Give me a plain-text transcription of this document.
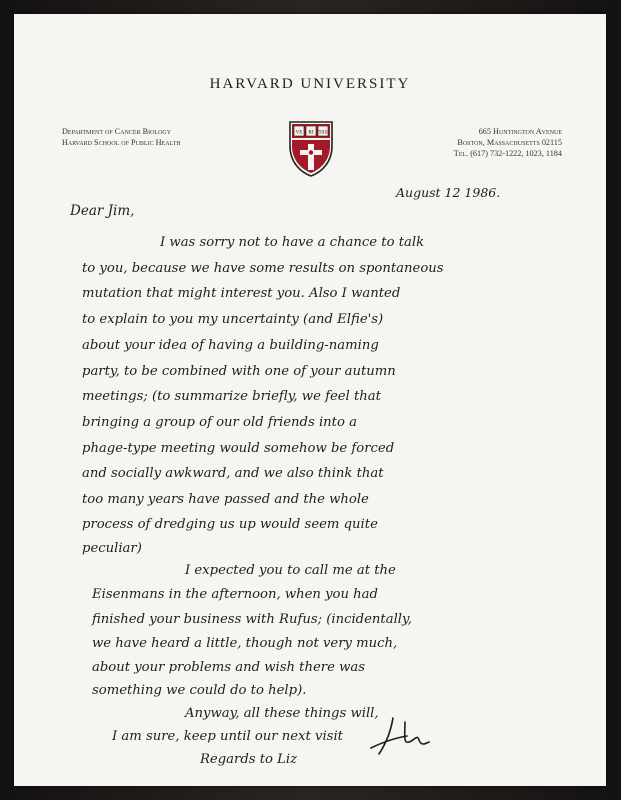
HARVARD UNIVERSITY
Department of Cancer Biology
Harvard School of Public Health
VE RI TAS	665 Huntington Avenue
Boston, Massachusetts 02115
Tel. (617) 732-1222, 1023, 1184
August 12 1986.
Dear Jim,
I was sorry not to have a chance to talk
to you, because we have some results on spontaneous
mutation that might interest you. Also I wanted
to explain to you my uncertainty (and Elfie's)
about your idea of having a building-naming
party, to be combined with one of your autumn
meetings; (to summarize briefly, we feel that
bringing a group of our old friends into a
phage-type meeting would somehow be forced
and socially awkward, and we also think that
too many years have passed and the whole
process of dredging us up would seem quite
peculiar)
I expected you to call me at the
Eisenmans in the afternoon, when you had
finished your business with Rufus; (incidentally,
we have heard a little, though not very much,
about your problems and wish there was
something we could do to help).
Anyway, all these things will,
I am sure, keep until our next visit
Regards to Liz
